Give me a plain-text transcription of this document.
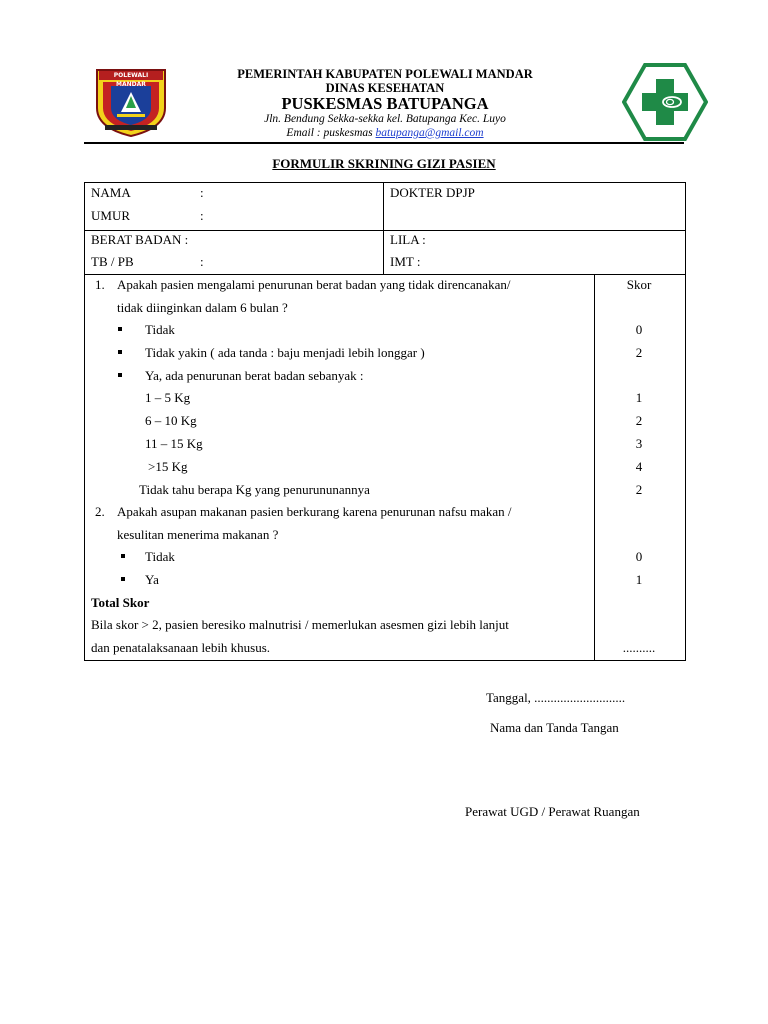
POLEWALI MANDAR
PEMERINTAH KABUPATEN POLEWALI MANDAR
DINAS KESEHATAN
PUSKESMAS BATUPANGA
Jln. Bendung Sekka-sekka kel. Batupanga Kec. Luyo
Email : puskesmas batupanga@gmail.com
FORMULIR SKRINING GIZI PASIEN
NAMA	:
UMUR	:
DOKTER DPJP
BERAT BADAN :	LILA :
TB / PB	:	IMT :
Skor
1. Apakah pasien mengalami penurunan berat badan yang tidak direncanakan/
tidak diinginkan dalam 6 bulan ?
Tidak	0
Tidak yakin ( ada tanda : baju menjadi lebih longgar )	2
Ya, ada penurunan berat badan sebanyak :
1 – 5 Kg	1
6 – 10 Kg	2
11 – 15 Kg	3
>15 Kg	4
Tidak tahu berapa Kg yang penurununannya	2
2. Apakah asupan makanan pasien berkurang karena penurunan nafsu makan /
kesulitan menerima makanan ?
Tidak	0
Ya	1
Total Skor
Bila skor > 2, pasien beresiko malnutrisi / memerlukan asesmen gizi lebih lanjut
dan penatalaksanaan lebih khusus.	..........
Tanggal, ............................
Nama dan Tanda Tangan
Perawat UGD / Perawat Ruangan
